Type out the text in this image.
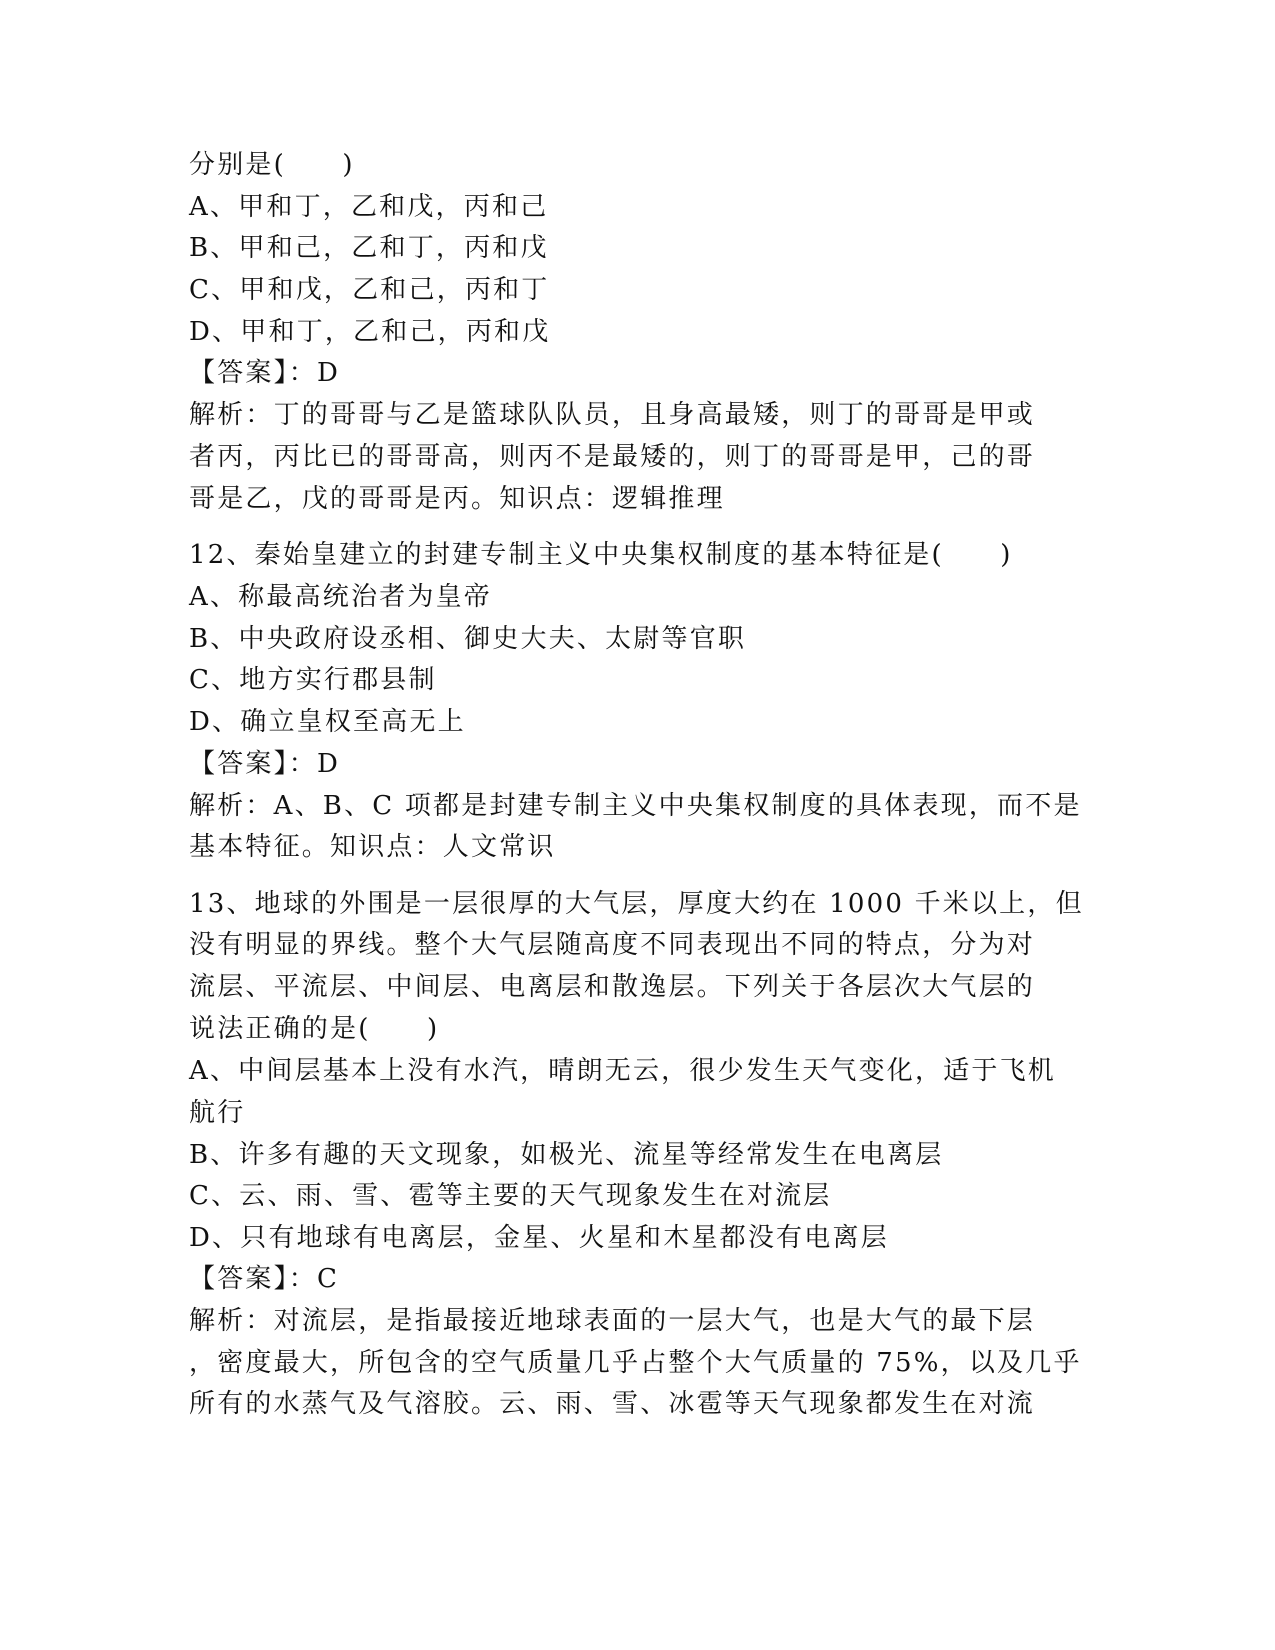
分别是(　　)
A、甲和丁，乙和戊，丙和己
B、甲和己，乙和丁，丙和戊
C、甲和戊，乙和己，丙和丁
D、甲和丁，乙和己，丙和戊
【答案】：D
解析：丁的哥哥与乙是篮球队队员，且身高最矮，则丁的哥哥是甲或
者丙，丙比已的哥哥高，则丙不是最矮的，则丁的哥哥是甲，己的哥
哥是乙，戊的哥哥是丙。知识点：逻辑推理
12、秦始皇建立的封建专制主义中央集权制度的基本特征是(　　)
A、称最高统治者为皇帝
B、中央政府设丞相、御史大夫、太尉等官职
C、地方实行郡县制
D、确立皇权至高无上
【答案】：D
解析：A、B、C 项都是封建专制主义中央集权制度的具体表现，而不是
基本特征。知识点：人文常识
13、地球的外围是一层很厚的大气层，厚度大约在 1000 千米以上，但
没有明显的界线。整个大气层随高度不同表现出不同的特点，分为对
流层、平流层、中间层、电离层和散逸层。下列关于各层次大气层的
说法正确的是(　　)
A、中间层基本上没有水汽，晴朗无云，很少发生天气变化，适于飞机
航行
B、许多有趣的天文现象，如极光、流星等经常发生在电离层
C、云、雨、雪、雹等主要的天气现象发生在对流层
D、只有地球有电离层，金星、火星和木星都没有电离层
【答案】：C
解析：对流层，是指最接近地球表面的一层大气，也是大气的最下层
，密度最大，所包含的空气质量几乎占整个大气质量的 75%，以及几乎
所有的水蒸气及气溶胶。云、雨、雪、冰雹等天气现象都发生在对流
